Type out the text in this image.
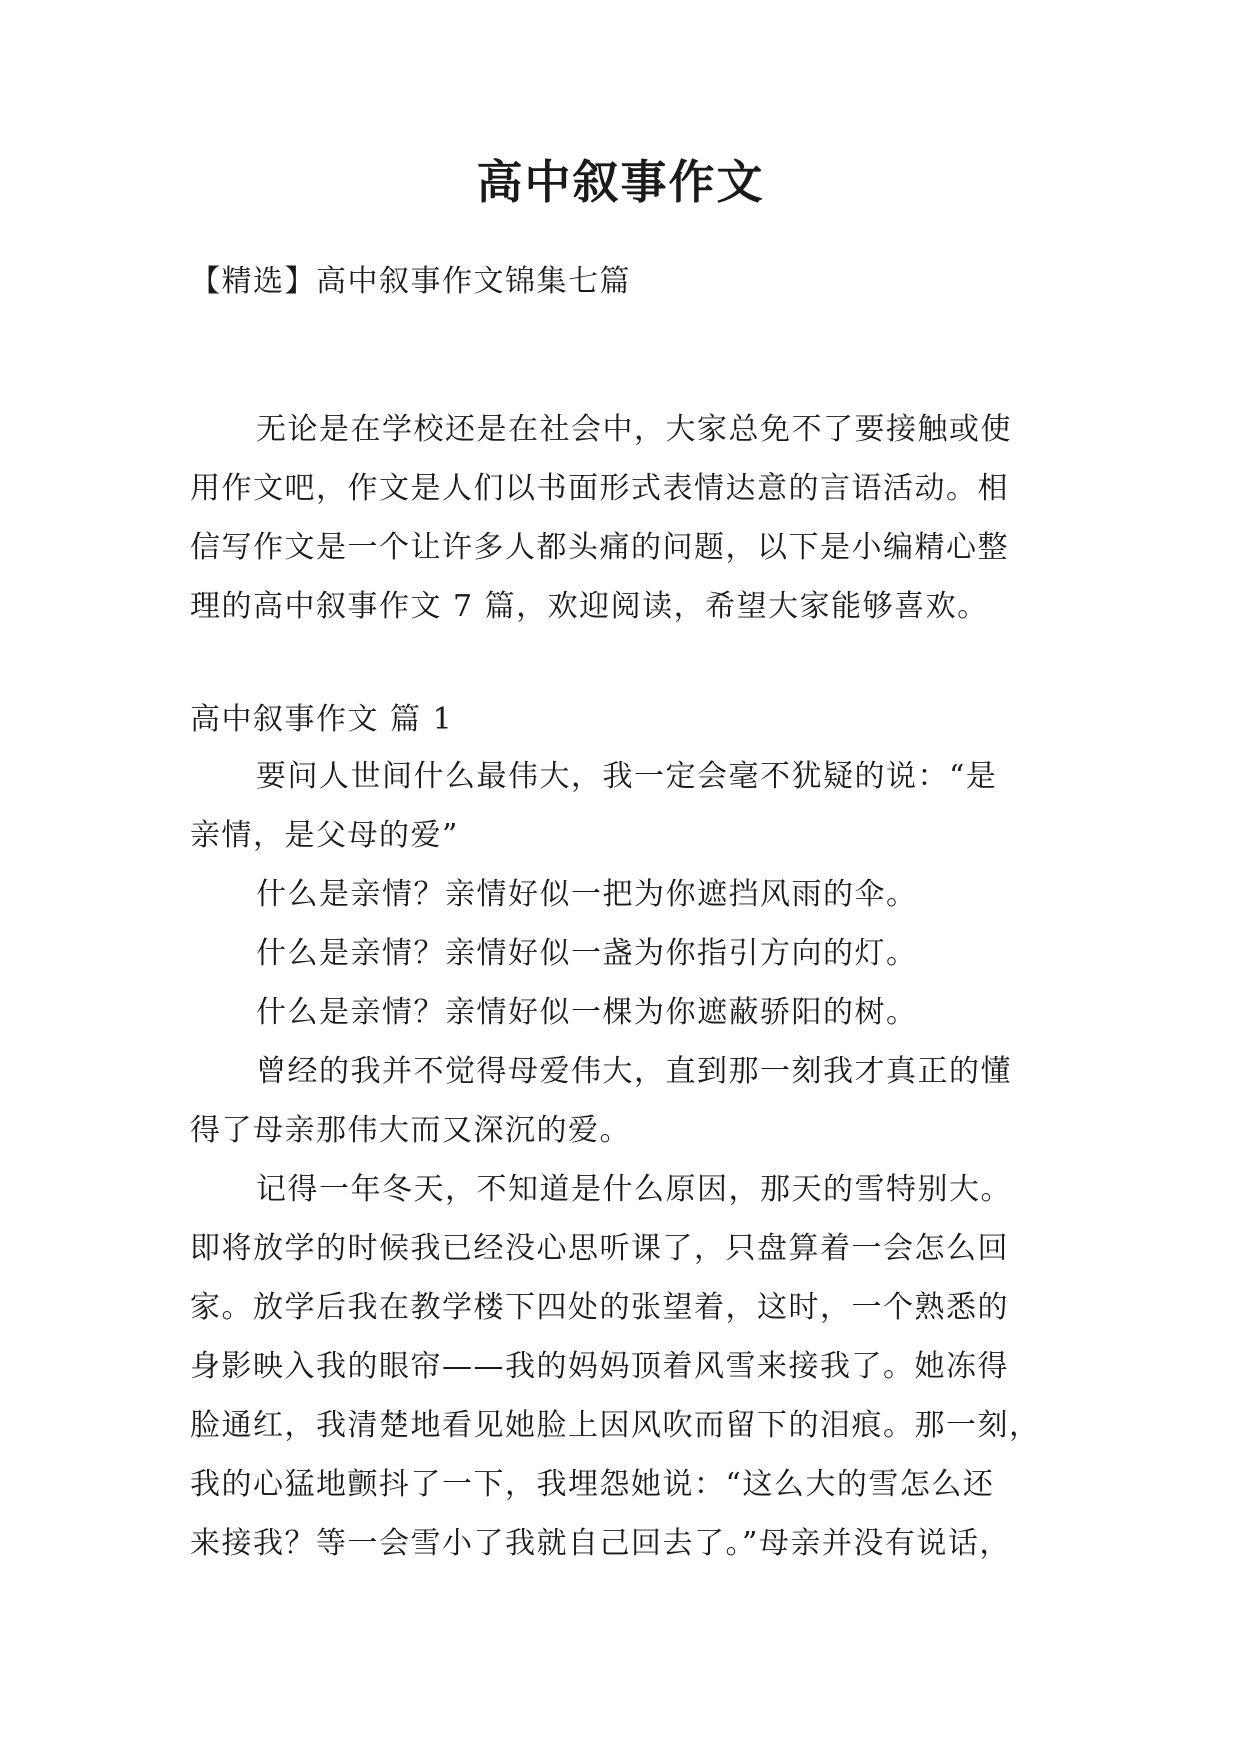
高中叙事作文
【精选】高中叙事作文锦集七篇
无论是在学校还是在社会中，大家总免不了要接触或使
用作文吧，作文是人们以书面形式表情达意的言语活动。相
信写作文是一个让许多人都头痛的问题，以下是小编精心整
理的高中叙事作文 7 篇，欢迎阅读，希望大家能够喜欢。
高中叙事作文 篇 1
要问人世间什么最伟大，我一定会毫不犹疑的说：“是
亲情，是父母的爱”
什么是亲情？亲情好似一把为你遮挡风雨的伞。
什么是亲情？亲情好似一盏为你指引方向的灯。
什么是亲情？亲情好似一棵为你遮蔽骄阳的树。
曾经的我并不觉得母爱伟大，直到那一刻我才真正的懂
得了母亲那伟大而又深沉的爱。
记得一年冬天，不知道是什么原因，那天的雪特别大。
即将放学的时候我已经没心思听课了，只盘算着一会怎么回
家。放学后我在教学楼下四处的张望着，这时，一个熟悉的
身影映入我的眼帘——我的妈妈顶着风雪来接我了。她冻得
脸通红，我清楚地看见她脸上因风吹而留下的泪痕。那一刻，
我的心猛地颤抖了一下，我埋怨她说：“这么大的雪怎么还
来接我？等一会雪小了我就自己回去了。”母亲并没有说话，
